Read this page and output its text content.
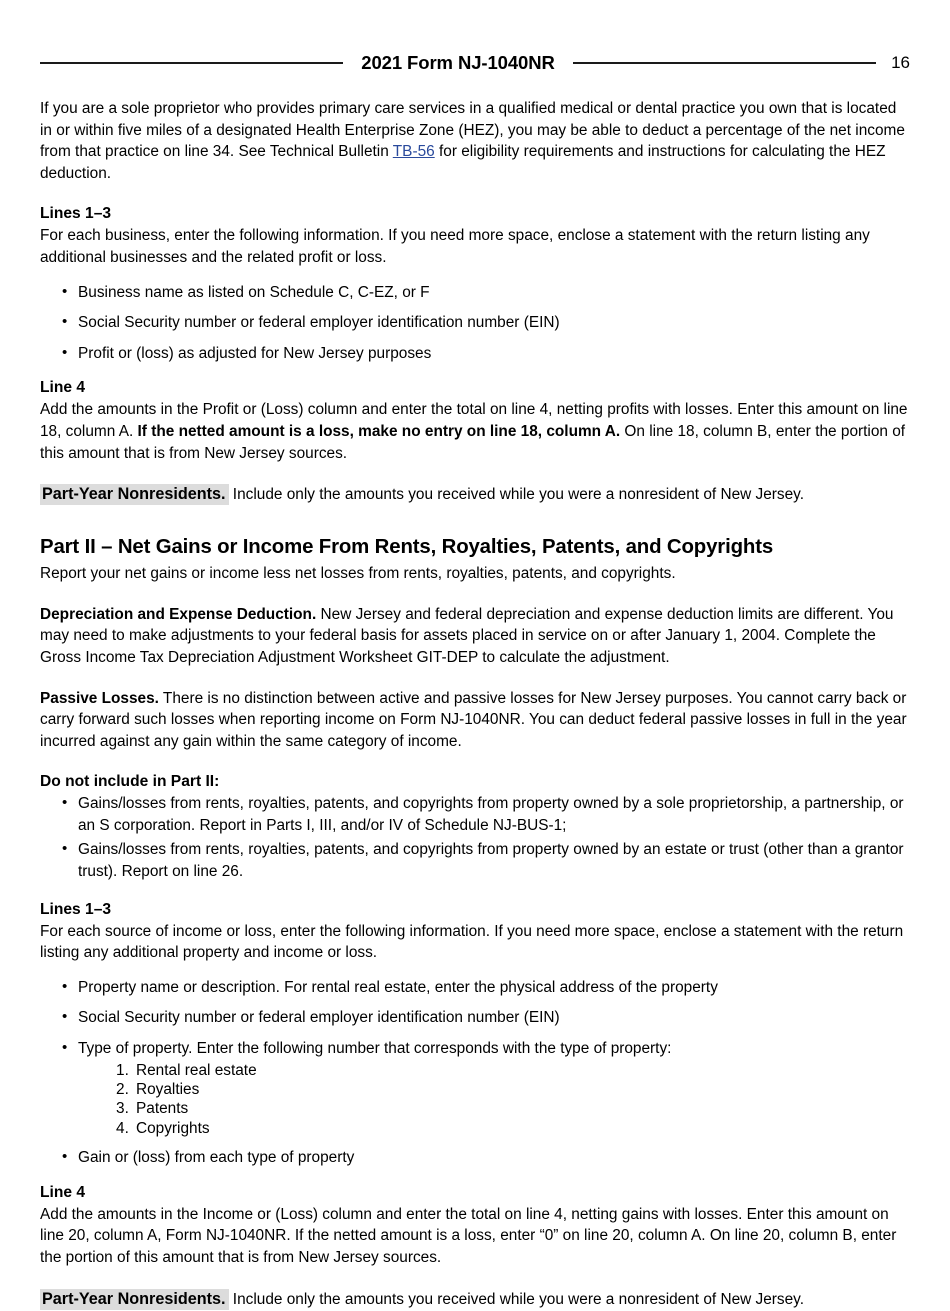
2021 Form NJ-1040NR	16

If you are a sole proprietor who provides primary care services in a qualified medical or dental practice you own that is located in or within five miles of a designated Health Enterprise Zone (HEZ), you may be able to deduct a percentage of the net income from that practice on line 34. See Technical Bulletin TB-56 for eligibility requirements and instructions for calculating the HEZ deduction.

Lines 1–3

For each business, enter the following information. If you need more space, enclose a statement with the return listing any additional businesses and the related profit or loss.

• Business name as listed on Schedule C, C-EZ, or F
• Social Security number or federal employer identification number (EIN)
• Profit or (loss) as adjusted for New Jersey purposes
Line 4

Add the amounts in the Profit or (Loss) column and enter the total on line 4, netting profits with losses. Enter this amount on line 18, column A. If the netted amount is a loss, make no entry on line 18, column A. On line 18, column B, enter the portion of this amount that is from New Jersey sources.

Part-Year Nonresidents. Include only the amounts you received while you were a nonresident of New Jersey.

Part II – Net Gains or Income From Rents, Royalties, Patents, and Copyrights

Report your net gains or income less net losses from rents, royalties, patents, and copyrights.

Depreciation and Expense Deduction. New Jersey and federal depreciation and expense deduction limits are different. You may need to make adjustments to your federal basis for assets placed in service on or after January 1, 2004. Complete the Gross Income Tax Depreciation Adjustment Worksheet GIT-DEP to calculate the adjustment.

Passive Losses. There is no distinction between active and passive losses for New Jersey purposes. You cannot carry back or carry forward such losses when reporting income on Form NJ-1040NR. You can deduct federal passive losses in full in the year incurred against any gain within the same category of income.

Do not include in Part II:
• Gains/losses from rents, royalties, patents, and copyrights from property owned by a sole proprietorship, a partnership, or an S corporation. Report in Parts I, III, and/or IV of Schedule NJ-BUS-1;
• Gains/losses from rents, royalties, patents, and copyrights from property owned by an estate or trust (other than a grantor trust). Report on line 26.
Lines 1–3

For each source of income or loss, enter the following information. If you need more space, enclose a statement with the return listing any additional property and income or loss.

• Property name or description. For rental real estate, enter the physical address of the property
• Social Security number or federal employer identification number (EIN)
• Type of property. Enter the following number that corresponds with the type of property:
Rental real estate
Royalties
Patents
Copyrights
• Gain or (loss) from each type of property
Line 4

Add the amounts in the Income or (Loss) column and enter the total on line 4, netting gains with losses. Enter this amount on line 20, column A, Form NJ-1040NR. If the netted amount is a loss, enter “0” on line 20, column A. On line 20, column B, enter the portion of this amount that is from New Jersey sources.

Part-Year Nonresidents. Include only the amounts you received while you were a nonresident of New Jersey.
